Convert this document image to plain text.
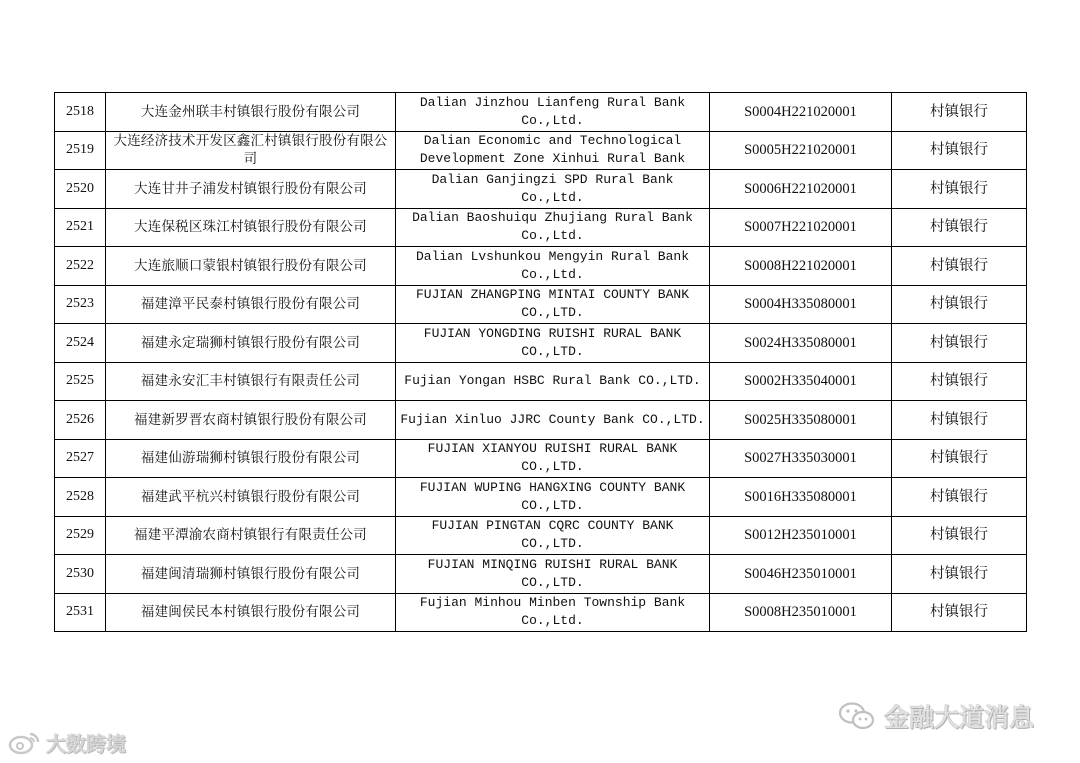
2518	大连金州联丰村镇银行股份有限公司	Dalian Jinzhou Lianfeng Rural Bank Co.,Ltd.	S0004H221020001	村镇银行
2519	大连经济技术开发区鑫汇村镇银行股份有限公司	Dalian Economic and Technological Development Zone Xinhui Rural Bank	S0005H221020001	村镇银行
2520	大连甘井子浦发村镇银行股份有限公司	Dalian Ganjingzi SPD Rural Bank Co.,Ltd.	S0006H221020001	村镇银行
2521	大连保税区珠江村镇银行股份有限公司	Dalian Baoshuiqu Zhujiang Rural Bank Co.,Ltd.	S0007H221020001	村镇银行
2522	大连旅顺口蒙银村镇银行股份有限公司	Dalian Lvshunkou Mengyin Rural Bank Co.,Ltd.	S0008H221020001	村镇银行
2523	福建漳平民泰村镇银行股份有限公司	FUJIAN ZHANGPING MINTAI COUNTY BANK CO.,LTD.	S0004H335080001	村镇银行
2524	福建永定瑞狮村镇银行股份有限公司	FUJIAN YONGDING RUISHI RURAL BANK CO.,LTD.	S0024H335080001	村镇银行
2525	福建永安汇丰村镇银行有限责任公司	Fujian Yongan HSBC Rural Bank CO.,LTD.	S0002H335040001	村镇银行
2526	福建新罗晋农商村镇银行股份有限公司	Fujian Xinluo JJRC County Bank CO.,LTD.	S0025H335080001	村镇银行
2527	福建仙游瑞狮村镇银行股份有限公司	FUJIAN XIANYOU RUISHI RURAL BANK CO.,LTD.	S0027H335030001	村镇银行
2528	福建武平杭兴村镇银行股份有限公司	FUJIAN WUPING HANGXING COUNTY BANK CO.,LTD.	S0016H335080001	村镇银行
2529	福建平潭渝农商村镇银行有限责任公司	FUJIAN PINGTAN CQRC COUNTY BANK CO.,LTD.	S0012H235010001	村镇银行
2530	福建闽清瑞狮村镇银行股份有限公司	FUJIAN MINQING RUISHI RURAL BANK CO.,LTD.	S0046H235010001	村镇银行
2531	福建闽侯民本村镇银行股份有限公司	Fujian Minhou Minben Township Bank Co.,Ltd.	S0008H235010001	村镇银行
大数跨境
金融大道消息
